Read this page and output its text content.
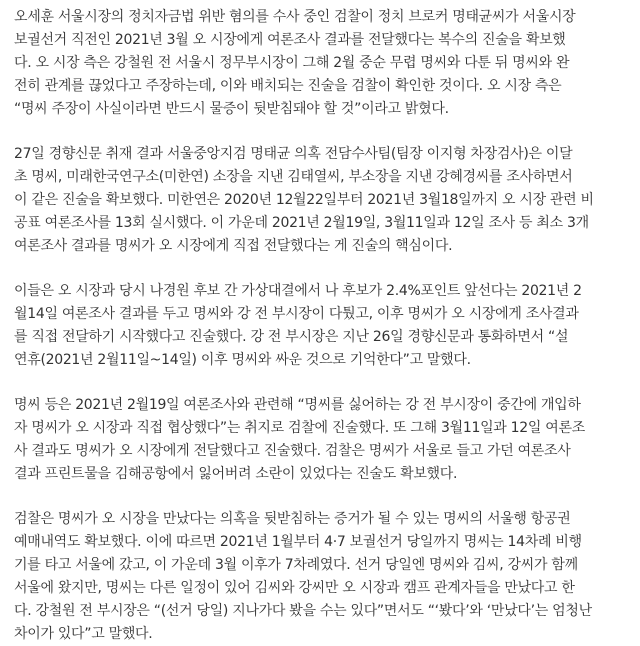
오세훈 서울시장의 정치자금법 위반 혐의를 수사 중인 검찰이 정치 브로커 명태균씨가 서울시장
보궐선거 직전인 2021년 3월 오 시장에게 여론조사 결과를 전달했다는 복수의 진술을 확보했
다. 오 시장 측은 강철원 전 서울시 정무부시장이 그해 2월 중순 무렵 명씨와 다툰 뒤 명씨와 완
전히 관계를 끊었다고 주장하는데, 이와 배치되는 진술을 검찰이 확인한 것이다. 오 시장 측은
“명씨 주장이 사실이라면 반드시 물증이 뒷받침돼야 할 것”이라고 밝혔다.

27일 경향신문 취재 결과 서울중앙지검 명태균 의혹 전담수사팀(팀장 이지형 차장검사)은 이달
초 명씨, 미래한국연구소(미한연) 소장을 지낸 김태열씨, 부소장을 지낸 강혜경씨를 조사하면서
이 같은 진술을 확보했다. 미한연은 2020년 12월22일부터 2021년 3월18일까지 오 시장 관련 비
공표 여론조사를 13회 실시했다. 이 가운데 2021년 2월19일, 3월11일과 12일 조사 등 최소 3개
여론조사 결과를 명씨가 오 시장에게 직접 전달했다는 게 진술의 핵심이다.

이들은 오 시장과 당시 나경원 후보 간 가상대결에서 나 후보가 2.4%포인트 앞선다는 2021년 2
월14일 여론조사 결과를 두고 명씨와 강 전 부시장이 다퉜고, 이후 명씨가 오 시장에게 조사결과
를 직접 전달하기 시작했다고 진술했다. 강 전 부시장은 지난 26일 경향신문과 통화하면서 “설
연휴(2021년 2월11일~14일) 이후 명씨와 싸운 것으로 기억한다”고 말했다.

명씨 등은 2021년 2월19일 여론조사와 관련해 “명씨를 싫어하는 강 전 부시장이 중간에 개입하
자 명씨가 오 시장과 직접 협상했다”는 취지로 검찰에 진술했다. 또 그해 3월11일과 12일 여론조
사 결과도 명씨가 오 시장에게 전달했다고 진술했다. 검찰은 명씨가 서울로 들고 가던 여론조사
결과 프린트물을 김해공항에서 잃어버려 소란이 있었다는 진술도 확보했다.

검찰은 명씨가 오 시장을 만났다는 의혹을 뒷받침하는 증거가 될 수 있는 명씨의 서울행 항공권
예매내역도 확보했다. 이에 따르면 2021년 1월부터 4·7 보궐선거 당일까지 명씨는 14차례 비행
기를 타고 서울에 갔고, 이 가운데 3월 이후가 7차례였다. 선거 당일엔 명씨와 김씨, 강씨가 함께
서울에 왔지만, 명씨는 다른 일정이 있어 김씨와 강씨만 오 시장과 캠프 관계자들을 만났다고 한
다. 강철원 전 부시장은 “(선거 당일) 지나가다 봤을 수는 있다”면서도 “‘봤다’와 ‘만났다’는 엄청난
차이가 있다”고 말했다.
